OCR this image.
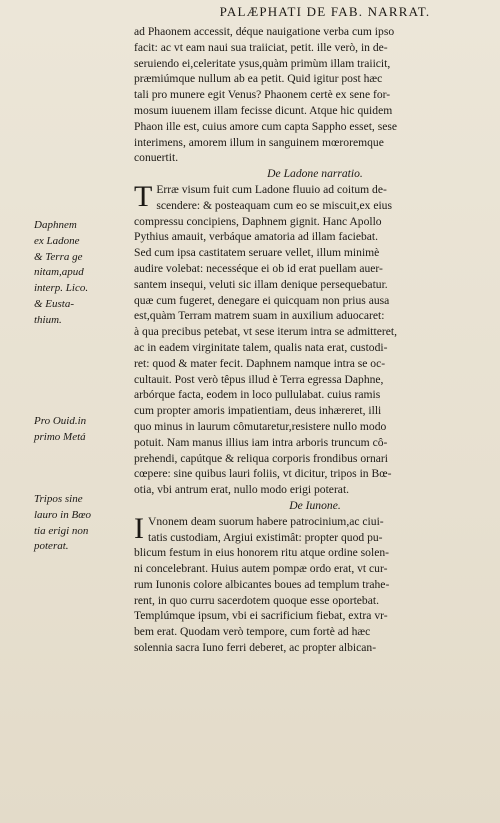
PALÆPHATI DE FAB. NARRAT.
ad Phaonem accessit, déque nauigatione verba cum ipso
facit: ac vt eam naui sua traiiciat, petit. ille verò, in de-
seruiendo ei,celeritate ysus,quàm primùm illam traiicit,
præmiúmque nullum ab ea petit. Quid igitur post hæc
tali pro munere egit Venus? Phaonem certè ex sene for-
mosum iuuenem illam fecisse dicunt. Atque hic quidem
Phaon ille est, cuius amore cum capta Sappho esset, sese
interimens, amorem illum in sanguinem mœroremque
conuertit.
De Ladone narratio.
T Erræ visum fuit cum Ladone fluuio ad coitum de-
scendere: & posteaquam cum eo se miscuit,ex eius
compressu concipiens, Daphnem gignit. Hanc Apollo
Pythius amauit, verbáque amatoria ad illam faciebat.
Sed cum ipsa castitatem seruare vellet, illum minimè
audire volebat: necesséque ei ob id erat puellam auer-
santem insequi, veluti sic illam denique persequebatur.
quæ cum fugeret, denegare ei quicquam non prius ausa
est,quàm Terram matrem suam in auxilium aduocaret:
à qua precibus petebat, vt sese iterum intra se admitteret,
ac in eadem virginitate talem, qualis nata erat, custodi-
ret: quod & mater fecit. Daphnem namque intra se oc-
cultauit. Post verò têpus illud è Terra egressa Daphne,
arbórque facta, eodem in loco pullulabat. cuius ramis
cum propter amoris impatientiam, deus inhæreret, illi
quo minus in laurum cômutaretur,resistere nullo modo
potuit. Nam manus illius iam intra arboris truncum cô-
prehendi, capútque & reliqua corporis frondibus ornari
cœpere: sine quibus lauri foliis, vt dicitur, tripos in Bœ-
otia, vbi antrum erat, nullo modo erigi poterat.
De Iunone.
I Vnonem deam suorum habere patrocinium,ac ciui-
tatis custodiam, Argiui existimât: propter quod pu-
blicum festum in eius honorem ritu atque ordine solen-
ni concelebrant. Huius autem pompæ ordo erat, vt cur-
rum Iunonis colore albicantes boues ad templum trahe-
rent, in quo curru sacerdotem quoque esse oportebat.
Templúmque ipsum, vbi ei sacrificium fiebat, extra vr-
bem erat. Quodam verò tempore, cum fortè ad hæc
solennia sacra Iuno ferri deberet, ac propter albican-
Daphnem
ex Ladone
& Terra ge
nitam,apud
interp. Lico.
& Eusta-
thium.
Pro Ouid.in
primo Metá
Tripos sine
lauro in Bœo
tia erigi non
poterat.
